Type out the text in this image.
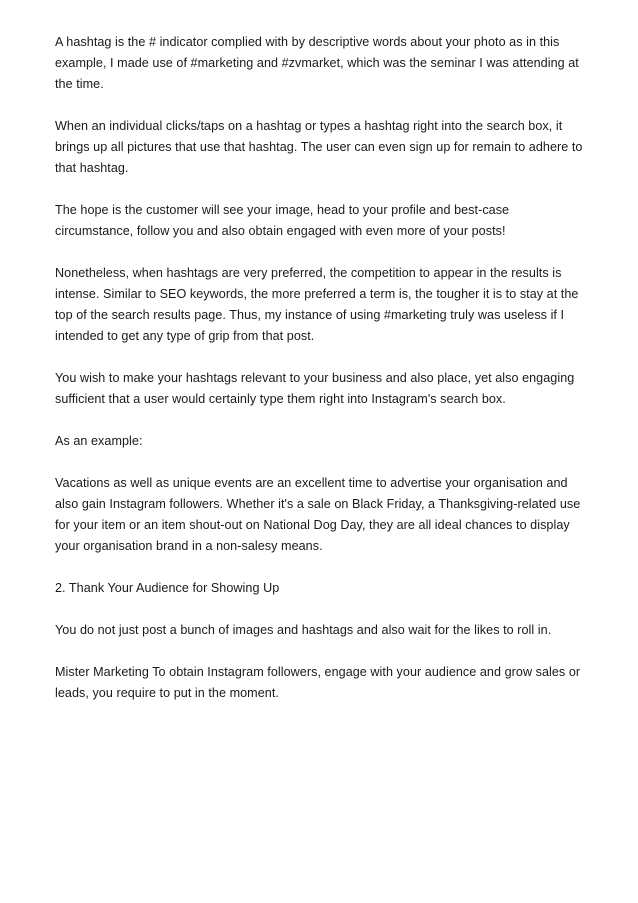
A hashtag is the # indicator complied with by descriptive words about your photo as in this example, I made use of #marketing and #zvmarket, which was the seminar I was attending at the time.

When an individual clicks/taps on a hashtag or types a hashtag right into the search box, it brings up all pictures that use that hashtag. The user can even sign up for remain to adhere to that hashtag.

The hope is the customer will see your image, head to your profile and best-case circumstance, follow you and also obtain engaged with even more of your posts!

Nonetheless, when hashtags are very preferred, the competition to appear in the results is intense. Similar to SEO keywords, the more preferred a term is, the tougher it is to stay at the top of the search results page. Thus, my instance of using #marketing truly was useless if I intended to get any type of grip from that post.

You wish to make your hashtags relevant to your business and also place, yet also engaging sufficient that a user would certainly type them right into Instagram's search box.

As an example:

Vacations as well as unique events are an excellent time to advertise your organisation and also gain Instagram followers. Whether it's a sale on Black Friday, a Thanksgiving-related use for your item or an item shout-out on National Dog Day, they are all ideal chances to display your organisation brand in a non-salesy means.

2. Thank Your Audience for Showing Up

You do not just post a bunch of images and hashtags and also wait for the likes to roll in.

Mister Marketing To obtain Instagram followers, engage with your audience and grow sales or leads, you require to put in the moment.
